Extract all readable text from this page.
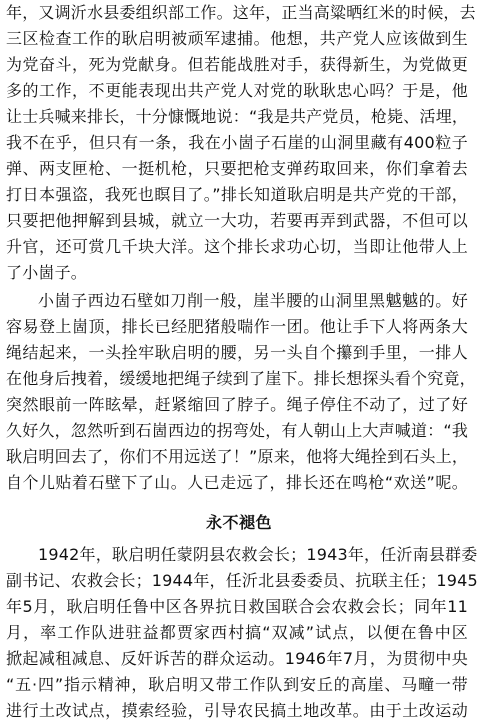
年，又调沂水县委组织部工作。这年，正当高粱晒红米的时候，去
三区检查工作的耿启明被顽军逮捕。他想，共产党人应该做到生
为党奋斗，死为党献身。但若能战胜对手，获得新生，为党做更
多的工作，不更能表现出共产党人对党的耿耿忠心吗？于是，他
让士兵喊来排长，十分慷慨地说：“我是共产党员，枪毙、活埋，
我不在乎，但只有一条，我在小崮子石崖的山洞里藏有400粒子
弹、两支匣枪、一挺机枪，只要把枪支弹药取回来，你们拿着去
打日本强盗，我死也瞑目了。”排长知道耿启明是共产党的干部，
只要把他押解到县城，就立一大功，若要再弄到武器，不但可以
升官，还可赏几千块大洋。这个排长求功心切，当即让他带人上
了小崮子。
小崮子西边石壁如刀削一般，崖半腰的山洞里黑魆魆的。好
容易登上崮顶，排长已经肥猪般喘作一团。他让手下人将两条大
绳结起来，一头拴牢耿启明的腰，另一头自个攥到手里，一排人
在他身后拽着，缓缓地把绳子续到了崖下。排长想探头看个究竟，
突然眼前一阵眩晕，赶紧缩回了脖子。绳子停住不动了，过了好
久好久，忽然听到石崮西边的拐弯处，有人朝山上大声喊道：“我
耿启明回去了，你们不用远送了！”原来，他将大绳拴到石头上，
自个儿贴着石壁下了山。人已走远了，排长还在鸣枪“欢送”呢。
永不褪色
1942年，耿启明任蒙阴县农救会长；1943年，任沂南县群委
副书记、农救会长；1944年，任沂北县委委员、抗联主任；1945
年5月，耿启明任鲁中区各界抗日救国联合会农救会长；同年11
月，率工作队进驻益都贾家西村搞“双减”试点，以便在鲁中区
掀起减租减息、反奸诉苦的群众运动。1946年7月，为贯彻中央
“五·四”指示精神，耿启明又带工作队到安丘的高崖、马疃一带
进行土改试点，摸索经验，引导农民搞土地改革。由于土改运动
